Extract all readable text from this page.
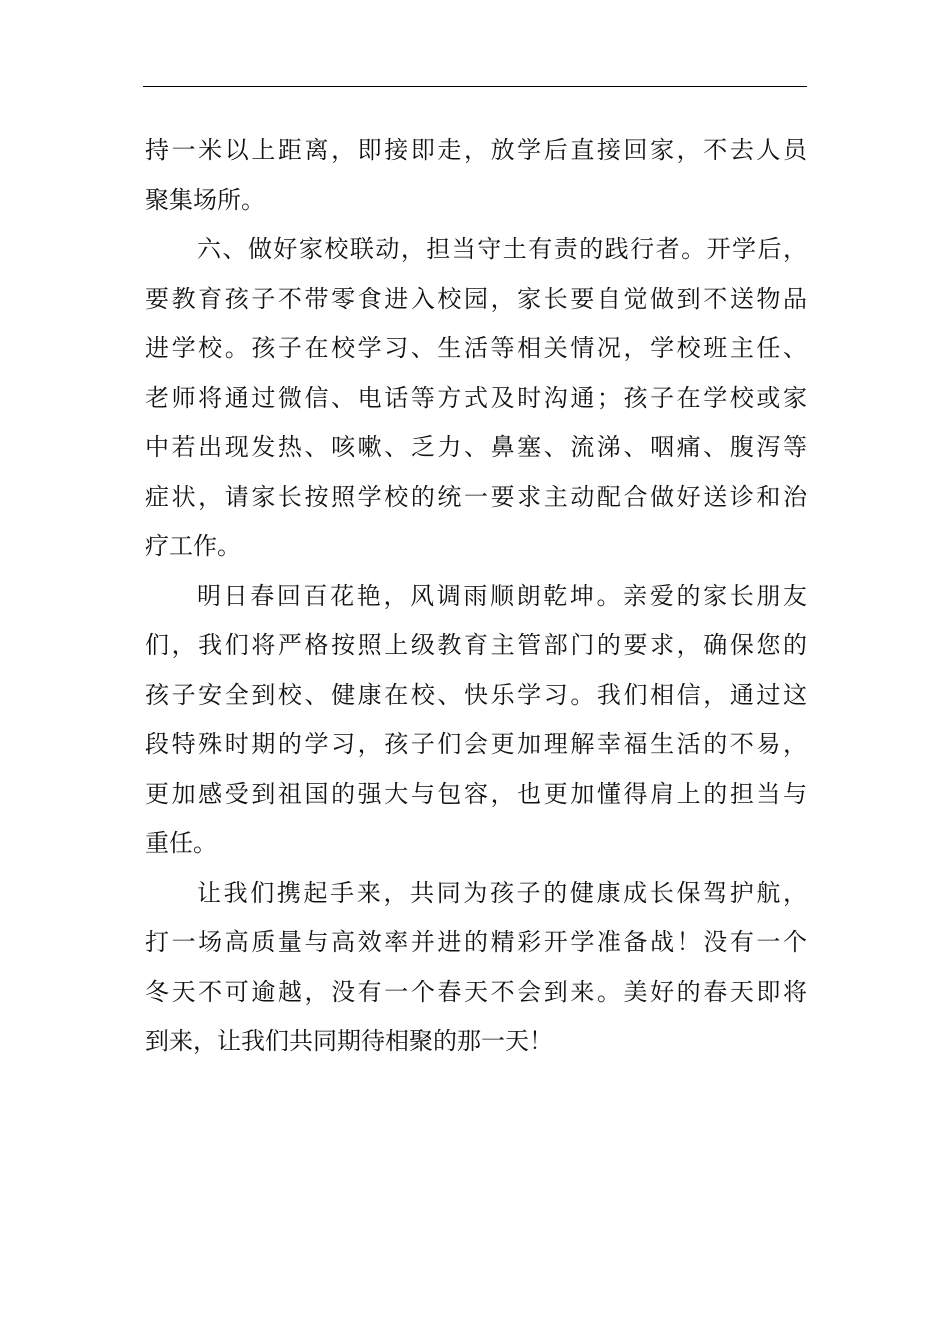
持一米以上距离，即接即走，放学后直接回家，不去人员
聚集场所。
六、做好家校联动，担当守土有责的践行者。开学后，
要教育孩子不带零食进入校园，家长要自觉做到不送物品
进学校。孩子在校学习、生活等相关情况，学校班主任、
老师将通过微信、电话等方式及时沟通；孩子在学校或家
中若出现发热、咳嗽、乏力、鼻塞、流涕、咽痛、腹泻等
症状，请家长按照学校的统一要求主动配合做好送诊和治
疗工作。
明日春回百花艳，风调雨顺朗乾坤。亲爱的家长朋友
们，我们将严格按照上级教育主管部门的要求，确保您的
孩子安全到校、健康在校、快乐学习。我们相信，通过这
段特殊时期的学习，孩子们会更加理解幸福生活的不易，
更加感受到祖国的强大与包容，也更加懂得肩上的担当与
重任。
让我们携起手来，共同为孩子的健康成长保驾护航，
打一场高质量与高效率并进的精彩开学准备战！没有一个
冬天不可逾越，没有一个春天不会到来。美好的春天即将
到来，让我们共同期待相聚的那一天！
